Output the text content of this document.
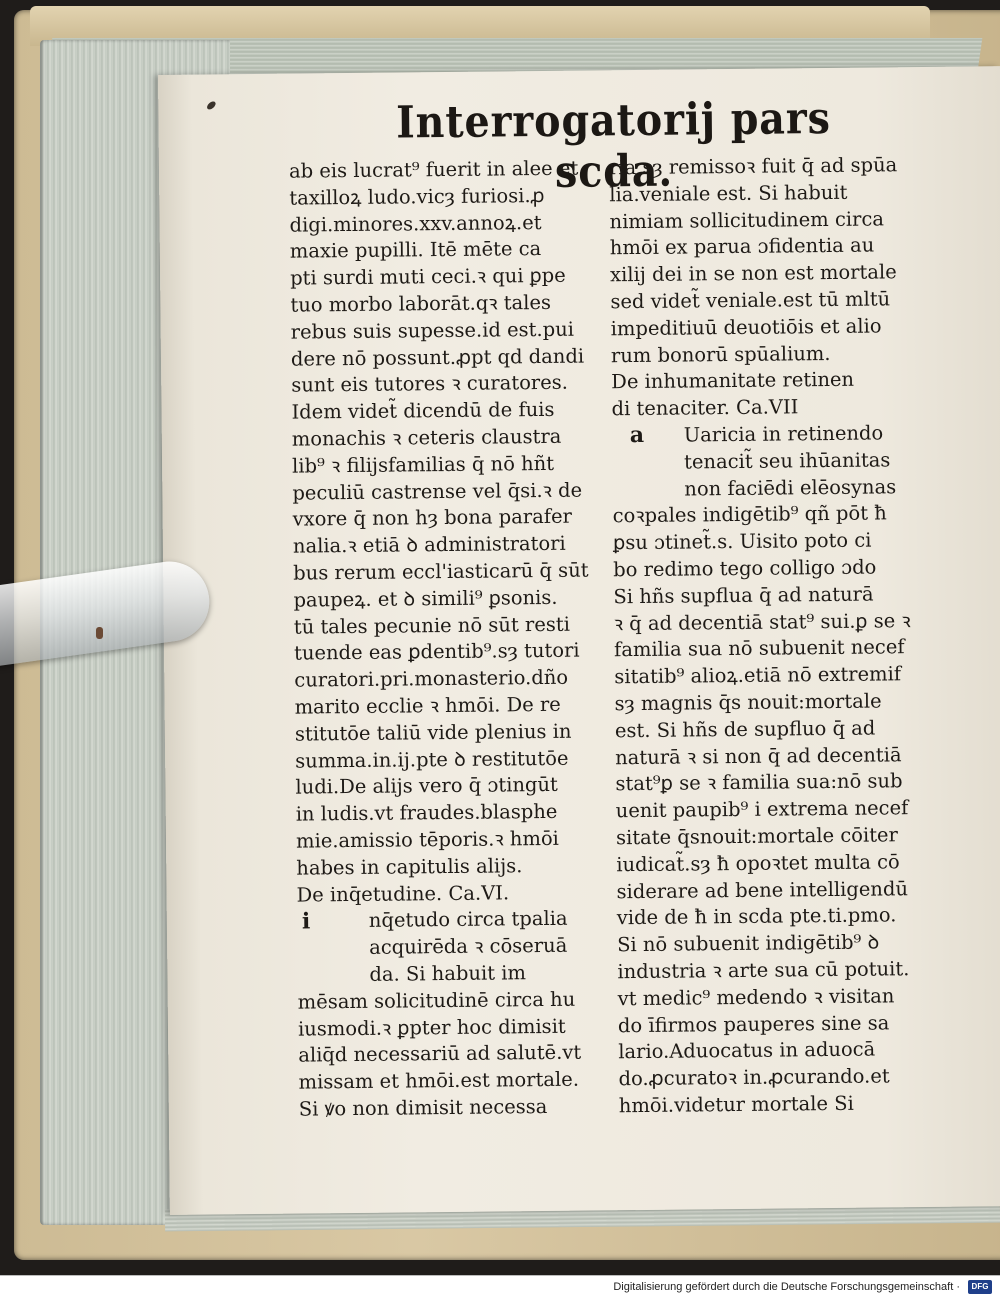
Interrogatorij pars scda.
ab eis lucrat⁹ fuerit in alee et
taxilloꝝ ludo.vicȝ furiosi.ꝓ
digi.minores.xxv.annoꝝ.et
maxie pupilli. Itē mēte ca
pti surdi muti ceci.ꝛ qui ꝑpe
tuo morbo laborāt.qꝛ tales
rebus suis supesse.id est.pui
dere nō possunt.ꝓpt qd dandi
sunt eis tutores ꝛ curatores.
Idem videt̃ dicendū de fuis
monachis ꝛ ceteris claustra
lib⁹ ꝛ filijsfamilias q̄ nō hñt
peculiū castrense vel q̄si.ꝛ de
vxore q̄ non hȝ bona parafer
nalia.ꝛ etiā ꝺ administratori
bus rerum eccl'iasticarū q̄ sūt
paupeꝝ. et ꝺ simili⁹ ꝑsonis.
tū tales pecunie nō sūt resti
tuende eas ꝑdentib⁹.sȝ tutori
curatori.pri.monasterio.dño
marito ecclie ꝛ hmōi. De re
stitutōe taliū vide plenius in
summa.in.ij.pte ꝺ restitutōe
ludi.De alijs vero q̄ ɔtingūt
in ludis.vt fraudes.blasphe
mie.amissio tēporis.ꝛ hmōi
habes in capitulis alijs.
De inq̄etudine. Ca.VI.
nq̄etudo circa tpalia
acquirēda ꝛ cōseruā
da. Si habuit im
mēsam solicitudinē circa hu
iusmodi.ꝛ ꝑpter hoc dimisit
aliq̄d necessariū ad salutē.vt
missam et hmōi.est mortale.
Si ꝟo non dimisit necessa
ria sȝ remissoꝛ fuit q̄ ad spūa
lia.veniale est. Si habuit
nimiam sollicitudinem circa
hmōi ex parua ɔfidentia au
xilij dei in se non est mortale
sed videt̃ veniale.est tū mltū
impeditiuū deuotiōis et alio
rum bonorū spūalium.
De inhumanitate retinen
di tenaciter. Ca.VII
Uaricia in retinendo
tenacit̃ seu ihūanitas
non faciēdi elēosynas
coꝛpales indigētib⁹ qñ pōt ħ
ꝑsu ɔtinet̃.s. Uisito poto ci
bo redimo tego colligo ɔdo
Si hñs supflua q̄ ad naturā
ꝛ q̄ ad decentiā stat⁹ sui.ꝑ se ꝛ
familia sua nō subuenit necef
sitatib⁹ alioꝝ.etiā nō extremif
sȝ magnis q̄s nouit:mortale
est. Si hñs de supfluo q̄ ad
naturā ꝛ si non q̄ ad decentiā
stat⁹ꝑ se ꝛ familia sua:nō sub
uenit paupib⁹ i extrema necef
sitate q̄snouit:mortale cōiter
iudicat̃.sȝ ħ opoꝛtet multa cō
siderare ad bene intelligendū
vide de ħ in scda pte.ti.pmo.
Si nō subuenit indigētib⁹ ꝺ
industria ꝛ arte sua cū potuit.
vt medic⁹ medendo ꝛ visitan
do īfirmos pauperes sine sa
lario.Aduocatus in aduocā
do.ꝓcuratoꝛ in.ꝓcurando.et
hmōi.videtur mortale Si
i
a
Digitalisierung gefördert durch die Deutsche Forschungsgemeinschaft ·	DFG
